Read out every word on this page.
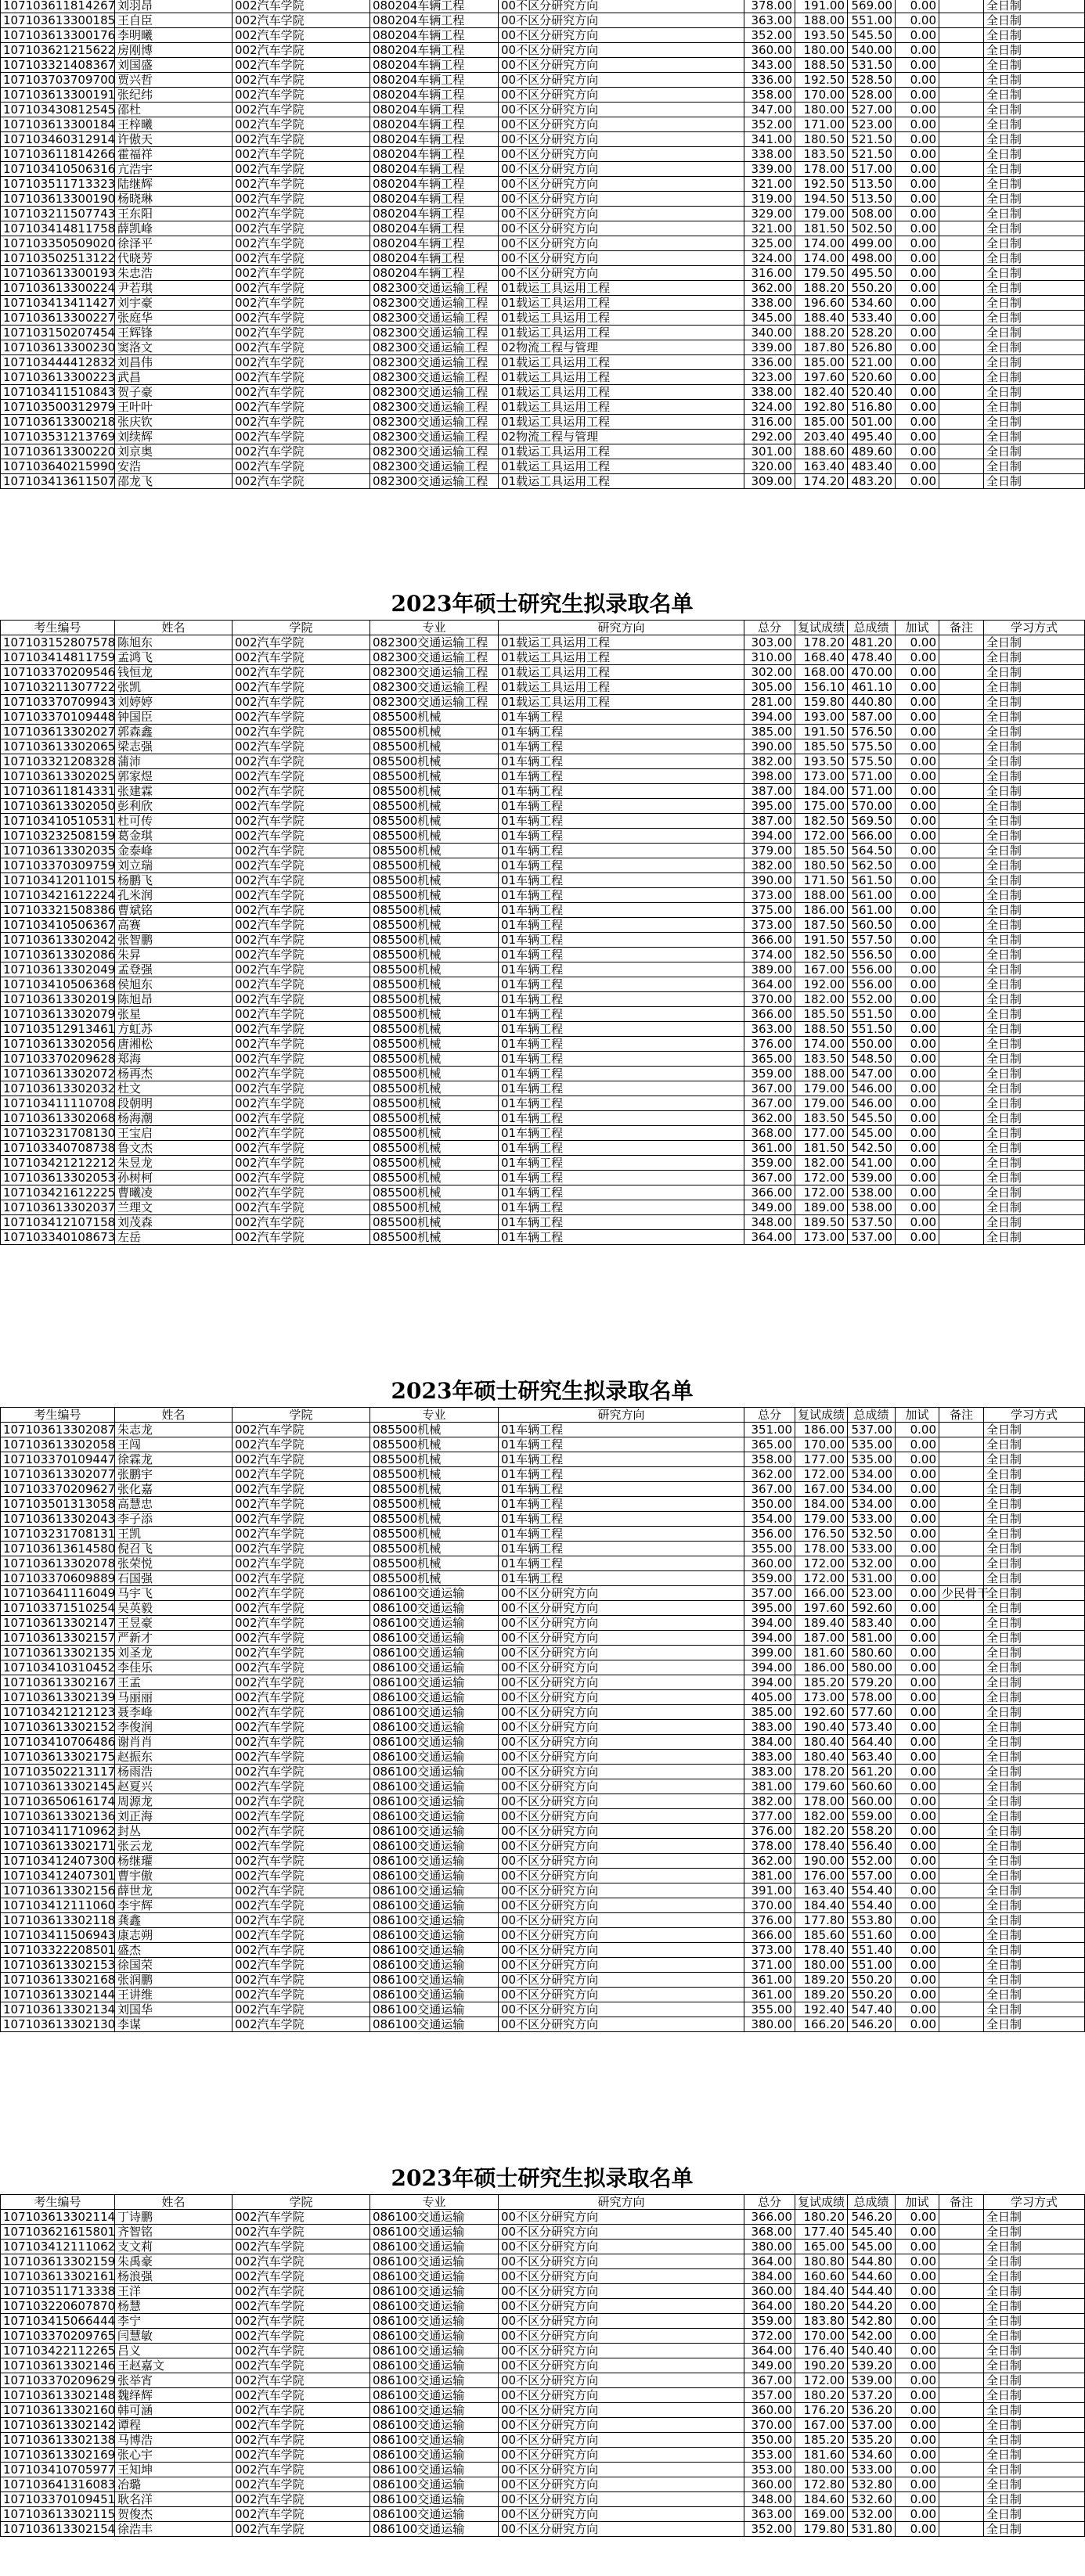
107103611814267	刘羽昂	002汽车学院	080204车辆工程	00不区分研究方向	378.00	191.00	569.00	0.00		全日制
107103613300185	王自臣	002汽车学院	080204车辆工程	00不区分研究方向	363.00	188.00	551.00	0.00		全日制
107103613300176	李明曦	002汽车学院	080204车辆工程	00不区分研究方向	352.00	193.50	545.50	0.00		全日制
107103621215622	房刚博	002汽车学院	080204车辆工程	00不区分研究方向	360.00	180.00	540.00	0.00		全日制
107103321408367	刘国盛	002汽车学院	080204车辆工程	00不区分研究方向	343.00	188.50	531.50	0.00		全日制
107103703709700	贾兴哲	002汽车学院	080204车辆工程	00不区分研究方向	336.00	192.50	528.50	0.00		全日制
107103613300191	张纪纬	002汽车学院	080204车辆工程	00不区分研究方向	358.00	170.00	528.00	0.00		全日制
107103430812545	邵杜	002汽车学院	080204车辆工程	00不区分研究方向	347.00	180.00	527.00	0.00		全日制
107103613300184	王梓曦	002汽车学院	080204车辆工程	00不区分研究方向	352.00	171.00	523.00	0.00		全日制
107103460312914	许傲天	002汽车学院	080204车辆工程	00不区分研究方向	341.00	180.50	521.50	0.00		全日制
107103611814266	霍福祥	002汽车学院	080204车辆工程	00不区分研究方向	338.00	183.50	521.50	0.00		全日制
107103410506316	亢浩宇	002汽车学院	080204车辆工程	00不区分研究方向	339.00	178.00	517.00	0.00		全日制
107103511713323	陆继辉	002汽车学院	080204车辆工程	00不区分研究方向	321.00	192.50	513.50	0.00		全日制
107103613300190	杨晓琳	002汽车学院	080204车辆工程	00不区分研究方向	319.00	194.50	513.50	0.00		全日制
107103211507743	王东阳	002汽车学院	080204车辆工程	00不区分研究方向	329.00	179.00	508.00	0.00		全日制
107103414811758	薛凯峰	002汽车学院	080204车辆工程	00不区分研究方向	321.00	181.50	502.50	0.00		全日制
107103350509020	徐泽平	002汽车学院	080204车辆工程	00不区分研究方向	325.00	174.00	499.00	0.00		全日制
107103502513122	代晓芳	002汽车学院	080204车辆工程	00不区分研究方向	324.00	174.00	498.00	0.00		全日制
107103613300193	朱忠浩	002汽车学院	080204车辆工程	00不区分研究方向	316.00	179.50	495.50	0.00		全日制
107103613300224	尹若琪	002汽车学院	082300交通运输工程	01载运工具运用工程	362.00	188.20	550.20	0.00		全日制
107103413411427	刘宇豪	002汽车学院	082300交通运输工程	01载运工具运用工程	338.00	196.60	534.60	0.00		全日制
107103613300227	张庭华	002汽车学院	082300交通运输工程	01载运工具运用工程	345.00	188.40	533.40	0.00		全日制
107103150207454	王辉锋	002汽车学院	082300交通运输工程	01载运工具运用工程	340.00	188.20	528.20	0.00		全日制
107103613300230	窦洛文	002汽车学院	082300交通运输工程	02物流工程与管理	339.00	187.80	526.80	0.00		全日制
107103444412832	刘昌伟	002汽车学院	082300交通运输工程	01载运工具运用工程	336.00	185.00	521.00	0.00		全日制
107103613300223	武昌	002汽车学院	082300交通运输工程	01载运工具运用工程	323.00	197.60	520.60	0.00		全日制
107103411510843	贺子豪	002汽车学院	082300交通运输工程	01载运工具运用工程	338.00	182.40	520.40	0.00		全日制
107103500312979	王叶叶	002汽车学院	082300交通运输工程	01载运工具运用工程	324.00	192.80	516.80	0.00		全日制
107103613300218	张庆钦	002汽车学院	082300交通运输工程	01载运工具运用工程	316.00	185.00	501.00	0.00		全日制
107103531213769	刘续辉	002汽车学院	082300交通运输工程	02物流工程与管理	292.00	203.40	495.40	0.00		全日制
107103613300220	刘京奥	002汽车学院	082300交通运输工程	01载运工具运用工程	301.00	188.60	489.60	0.00		全日制
107103640215990	安浩	002汽车学院	082300交通运输工程	01载运工具运用工程	320.00	163.40	483.40	0.00		全日制
107103413611507	邵龙飞	002汽车学院	082300交通运输工程	01载运工具运用工程	309.00	174.20	483.20	0.00		全日制
2023年硕士研究生拟录取名单
考生编号	姓名	学院	专业	研究方向	总分	复试成绩	总成绩	加试	备注	学习方式
107103152807578	陈旭东	002汽车学院	082300交通运输工程	01载运工具运用工程	303.00	178.20	481.20	0.00		全日制
107103414811759	孟鸿飞	002汽车学院	082300交通运输工程	01载运工具运用工程	310.00	168.40	478.40	0.00		全日制
107103370209546	钱恒龙	002汽车学院	082300交通运输工程	01载运工具运用工程	302.00	168.00	470.00	0.00		全日制
107103211307722	张凯	002汽车学院	082300交通运输工程	01载运工具运用工程	305.00	156.10	461.10	0.00		全日制
107103370709943	刘婷婷	002汽车学院	082300交通运输工程	01载运工具运用工程	281.00	159.80	440.80	0.00		全日制
107103370109448	钟国臣	002汽车学院	085500机械	01车辆工程	394.00	193.00	587.00	0.00		全日制
107103613302027	郭森鑫	002汽车学院	085500机械	01车辆工程	385.00	191.50	576.50	0.00		全日制
107103613302065	梁志强	002汽车学院	085500机械	01车辆工程	390.00	185.50	575.50	0.00		全日制
107103321208328	蒲沛	002汽车学院	085500机械	01车辆工程	382.00	193.50	575.50	0.00		全日制
107103613302025	郭家煜	002汽车学院	085500机械	01车辆工程	398.00	173.00	571.00	0.00		全日制
107103611814331	张建霖	002汽车学院	085500机械	01车辆工程	387.00	184.00	571.00	0.00		全日制
107103613302050	彭利欣	002汽车学院	085500机械	01车辆工程	395.00	175.00	570.00	0.00		全日制
107103410510531	杜可传	002汽车学院	085500机械	01车辆工程	387.00	182.50	569.50	0.00		全日制
107103232508159	葛金琪	002汽车学院	085500机械	01车辆工程	394.00	172.00	566.00	0.00		全日制
107103613302035	金泰峰	002汽车学院	085500机械	01车辆工程	379.00	185.50	564.50	0.00		全日制
107103370309759	刘立瑞	002汽车学院	085500机械	01车辆工程	382.00	180.50	562.50	0.00		全日制
107103412011015	杨鹏飞	002汽车学院	085500机械	01车辆工程	390.00	171.50	561.50	0.00		全日制
107103421612224	孔米润	002汽车学院	085500机械	01车辆工程	373.00	188.00	561.00	0.00		全日制
107103321508386	曹斌铭	002汽车学院	085500机械	01车辆工程	375.00	186.00	561.00	0.00		全日制
107103410506367	高赛	002汽车学院	085500机械	01车辆工程	373.00	187.50	560.50	0.00		全日制
107103613302042	张智鹏	002汽车学院	085500机械	01车辆工程	366.00	191.50	557.50	0.00		全日制
107103613302086	朱昇	002汽车学院	085500机械	01车辆工程	374.00	182.50	556.50	0.00		全日制
107103613302049	孟登强	002汽车学院	085500机械	01车辆工程	389.00	167.00	556.00	0.00		全日制
107103410506368	侯旭东	002汽车学院	085500机械	01车辆工程	364.00	192.00	556.00	0.00		全日制
107103613302019	陈旭昂	002汽车学院	085500机械	01车辆工程	370.00	182.00	552.00	0.00		全日制
107103613302079	张星	002汽车学院	085500机械	01车辆工程	366.00	185.50	551.50	0.00		全日制
107103512913461	方虹苏	002汽车学院	085500机械	01车辆工程	363.00	188.50	551.50	0.00		全日制
107103613302056	唐湘松	002汽车学院	085500机械	01车辆工程	376.00	174.00	550.00	0.00		全日制
107103370209628	郑海	002汽车学院	085500机械	01车辆工程	365.00	183.50	548.50	0.00		全日制
107103613302072	杨再杰	002汽车学院	085500机械	01车辆工程	359.00	188.00	547.00	0.00		全日制
107103613302032	杜文	002汽车学院	085500机械	01车辆工程	367.00	179.00	546.00	0.00		全日制
107103411110708	段朝明	002汽车学院	085500机械	01车辆工程	367.00	179.00	546.00	0.00		全日制
107103613302068	杨海潮	002汽车学院	085500机械	01车辆工程	362.00	183.50	545.50	0.00		全日制
107103231708130	王宝启	002汽车学院	085500机械	01车辆工程	368.00	177.00	545.00	0.00		全日制
107103340708738	鲁文杰	002汽车学院	085500机械	01车辆工程	361.00	181.50	542.50	0.00		全日制
107103421212212	朱昱龙	002汽车学院	085500机械	01车辆工程	359.00	182.00	541.00	0.00		全日制
107103613302053	孙树柯	002汽车学院	085500机械	01车辆工程	367.00	172.00	539.00	0.00		全日制
107103421612225	曹曦凌	002汽车学院	085500机械	01车辆工程	366.00	172.00	538.00	0.00		全日制
107103613302037	兰理文	002汽车学院	085500机械	01车辆工程	349.00	189.00	538.00	0.00		全日制
107103412107158	刘茂森	002汽车学院	085500机械	01车辆工程	348.00	189.50	537.50	0.00		全日制
107103340108673	左岳	002汽车学院	085500机械	01车辆工程	364.00	173.00	537.00	0.00		全日制
2023年硕士研究生拟录取名单
考生编号	姓名	学院	专业	研究方向	总分	复试成绩	总成绩	加试	备注	学习方式
107103613302087	朱志龙	002汽车学院	085500机械	01车辆工程	351.00	186.00	537.00	0.00		全日制
107103613302058	王闯	002汽车学院	085500机械	01车辆工程	365.00	170.00	535.00	0.00		全日制
107103370109447	徐霖龙	002汽车学院	085500机械	01车辆工程	358.00	177.00	535.00	0.00		全日制
107103613302077	张鹏宇	002汽车学院	085500机械	01车辆工程	362.00	172.00	534.00	0.00		全日制
107103370209627	张化嘉	002汽车学院	085500机械	01车辆工程	367.00	167.00	534.00	0.00		全日制
107103501313058	高慧忠	002汽车学院	085500机械	01车辆工程	350.00	184.00	534.00	0.00		全日制
107103613302043	李子添	002汽车学院	085500机械	01车辆工程	354.00	179.00	533.00	0.00		全日制
107103231708131	王凯	002汽车学院	085500机械	01车辆工程	356.00	176.50	532.50	0.00		全日制
107103613614580	倪召飞	002汽车学院	085500机械	01车辆工程	355.00	178.00	533.00	0.00		全日制
107103613302078	张荣悦	002汽车学院	085500机械	01车辆工程	360.00	172.00	532.00	0.00		全日制
107103370609889	石国强	002汽车学院	085500机械	01车辆工程	359.00	172.00	531.00	0.00		全日制
107103641116049	马宇飞	002汽车学院	086100交通运输	00不区分研究方向	357.00	166.00	523.00	0.00	少民骨干	全日制
107103371510254	吴英毅	002汽车学院	086100交通运输	00不区分研究方向	395.00	197.60	592.60	0.00		全日制
107103613302147	王昱豪	002汽车学院	086100交通运输	00不区分研究方向	394.00	189.40	583.40	0.00		全日制
107103613302157	严新才	002汽车学院	086100交通运输	00不区分研究方向	394.00	187.00	581.00	0.00		全日制
107103613302135	刘圣龙	002汽车学院	086100交通运输	00不区分研究方向	399.00	181.60	580.60	0.00		全日制
107103410310452	李佳乐	002汽车学院	086100交通运输	00不区分研究方向	394.00	186.00	580.00	0.00		全日制
107103613302167	王孟	002汽车学院	086100交通运输	00不区分研究方向	394.00	185.20	579.20	0.00		全日制
107103613302139	马丽丽	002汽车学院	086100交通运输	00不区分研究方向	405.00	173.00	578.00	0.00		全日制
107103421212123	聂李峰	002汽车学院	086100交通运输	00不区分研究方向	385.00	192.60	577.60	0.00		全日制
107103613302152	李俊润	002汽车学院	086100交通运输	00不区分研究方向	383.00	190.40	573.40	0.00		全日制
107103410706486	谢肖肖	002汽车学院	086100交通运输	00不区分研究方向	384.00	180.40	564.40	0.00		全日制
107103613302175	赵振东	002汽车学院	086100交通运输	00不区分研究方向	383.00	180.40	563.40	0.00		全日制
107103502213117	杨雨浩	002汽车学院	086100交通运输	00不区分研究方向	383.00	178.20	561.20	0.00		全日制
107103613302145	赵夏兴	002汽车学院	086100交通运输	00不区分研究方向	381.00	179.60	560.60	0.00		全日制
107103650616174	周源龙	002汽车学院	086100交通运输	00不区分研究方向	382.00	178.00	560.00	0.00		全日制
107103613302136	刘正海	002汽车学院	086100交通运输	00不区分研究方向	377.00	182.00	559.00	0.00		全日制
107103411710962	封丛	002汽车学院	086100交通运输	00不区分研究方向	376.00	182.20	558.20	0.00		全日制
107103613302171	张云龙	002汽车学院	086100交通运输	00不区分研究方向	378.00	178.40	556.40	0.00		全日制
107103412407300	杨继瓘	002汽车学院	086100交通运输	00不区分研究方向	362.00	190.00	552.00	0.00		全日制
107103412407301	曹宇傲	002汽车学院	086100交通运输	00不区分研究方向	381.00	176.00	557.00	0.00		全日制
107103613302156	薛世龙	002汽车学院	086100交通运输	00不区分研究方向	391.00	163.40	554.40	0.00		全日制
107103412111060	李宇辉	002汽车学院	086100交通运输	00不区分研究方向	370.00	184.40	554.40	0.00		全日制
107103613302118	龚鑫	002汽车学院	086100交通运输	00不区分研究方向	376.00	177.80	553.80	0.00		全日制
107103411506943	康志朔	002汽车学院	086100交通运输	00不区分研究方向	366.00	185.60	551.60	0.00		全日制
107103322208501	盛杰	002汽车学院	086100交通运输	00不区分研究方向	373.00	178.40	551.40	0.00		全日制
107103613302153	徐国荣	002汽车学院	086100交通运输	00不区分研究方向	371.00	180.00	551.00	0.00		全日制
107103613302168	张润鹏	002汽车学院	086100交通运输	00不区分研究方向	361.00	189.20	550.20	0.00		全日制
107103613302144	王讲维	002汽车学院	086100交通运输	00不区分研究方向	361.00	189.20	550.20	0.00		全日制
107103613302134	刘国华	002汽车学院	086100交通运输	00不区分研究方向	355.00	192.40	547.40	0.00		全日制
107103613302130	李谋	002汽车学院	086100交通运输	00不区分研究方向	380.00	166.20	546.20	0.00		全日制
2023年硕士研究生拟录取名单
考生编号	姓名	学院	专业	研究方向	总分	复试成绩	总成绩	加试	备注	学习方式
107103613302114	丁诗鹏	002汽车学院	086100交通运输	00不区分研究方向	366.00	180.20	546.20	0.00		全日制
107103621615801	齐智铭	002汽车学院	086100交通运输	00不区分研究方向	368.00	177.40	545.40	0.00		全日制
107103412111062	支文莉	002汽车学院	086100交通运输	00不区分研究方向	380.00	165.00	545.00	0.00		全日制
107103613302159	朱禹豪	002汽车学院	086100交通运输	00不区分研究方向	364.00	180.80	544.80	0.00		全日制
107103613302161	杨浪强	002汽车学院	086100交通运输	00不区分研究方向	384.00	160.60	544.60	0.00		全日制
107103511713338	王洋	002汽车学院	086100交通运输	00不区分研究方向	360.00	184.40	544.40	0.00		全日制
107103220607870	杨慧	002汽车学院	086100交通运输	00不区分研究方向	364.00	180.20	544.20	0.00		全日制
107103415066444	李宁	002汽车学院	086100交通运输	00不区分研究方向	359.00	183.80	542.80	0.00		全日制
107103370209765	闫慧敏	002汽车学院	086100交通运输	00不区分研究方向	372.00	170.00	542.00	0.00		全日制
107103422112265	吕义	002汽车学院	086100交通运输	00不区分研究方向	364.00	176.40	540.40	0.00		全日制
107103613302146	王赵嘉文	002汽车学院	086100交通运输	00不区分研究方向	349.00	190.20	539.20	0.00		全日制
107103370209629	张举宵	002汽车学院	086100交通运输	00不区分研究方向	367.00	172.00	539.00	0.00		全日制
107103613302148	魏绎辉	002汽车学院	086100交通运输	00不区分研究方向	357.00	180.20	537.20	0.00		全日制
107103613302160	韩可涵	002汽车学院	086100交通运输	00不区分研究方向	360.00	176.20	536.20	0.00		全日制
107103613302142	谭程	002汽车学院	086100交通运输	00不区分研究方向	370.00	167.00	537.00	0.00		全日制
107103613302138	马博浩	002汽车学院	086100交通运输	00不区分研究方向	350.00	185.20	535.20	0.00		全日制
107103613302169	张心宇	002汽车学院	086100交通运输	00不区分研究方向	353.00	181.60	534.60	0.00		全日制
107103410705977	王知坤	002汽车学院	086100交通运输	00不区分研究方向	353.00	180.00	533.00	0.00		全日制
107103641316083	冶璐	002汽车学院	086100交通运输	00不区分研究方向	360.00	172.80	532.80	0.00		全日制
107103370109451	耿名洋	002汽车学院	086100交通运输	00不区分研究方向	348.00	184.60	532.60	0.00		全日制
107103613302115	贺俊杰	002汽车学院	086100交通运输	00不区分研究方向	363.00	169.00	532.00	0.00		全日制
107103613302154	徐浩丰	002汽车学院	086100交通运输	00不区分研究方向	352.00	179.80	531.80	0.00		全日制
